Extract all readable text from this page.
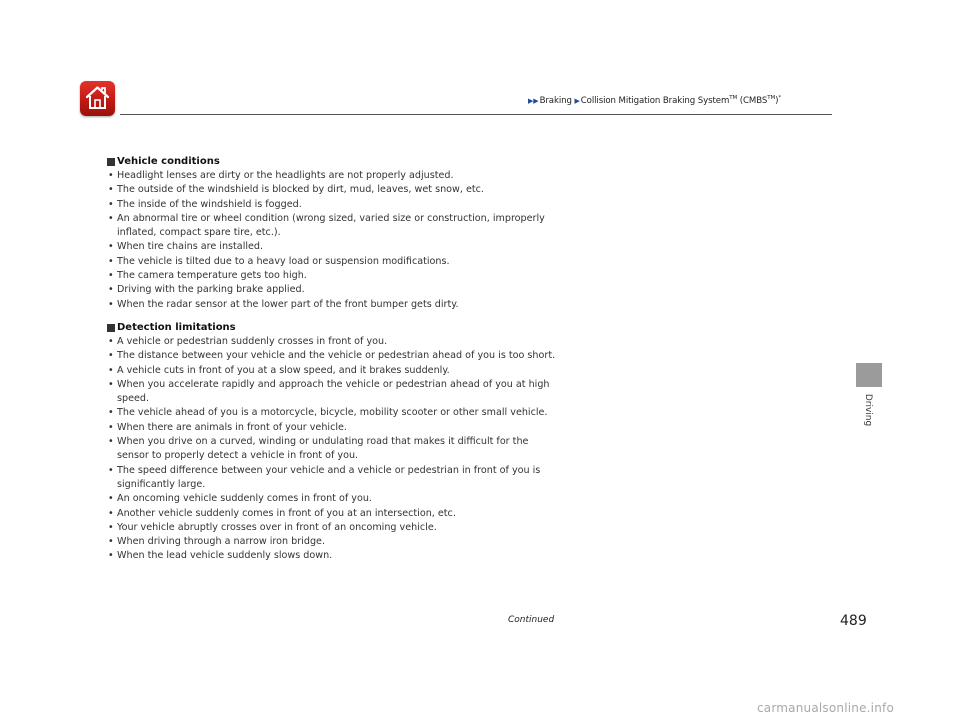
▶▶Braking ▶Collision Mitigation Braking System™ (CMBS™)*
Driving
Vehicle conditions
• Headlight lenses are dirty or the headlights are not properly adjusted.
• The outside of the windshield is blocked by dirt, mud, leaves, wet snow, etc.
• The inside of the windshield is fogged.
• An abnormal tire or wheel condition (wrong sized, varied size or construction, improperly inflated, compact spare tire, etc.).
• When tire chains are installed.
• The vehicle is tilted due to a heavy load or suspension modifications.
• The camera temperature gets too high.
• Driving with the parking brake applied.
• When the radar sensor at the lower part of the front bumper gets dirty.
Detection limitations
• A vehicle or pedestrian suddenly crosses in front of you.
• The distance between your vehicle and the vehicle or pedestrian ahead of you is too short.
• A vehicle cuts in front of you at a slow speed, and it brakes suddenly.
• When you accelerate rapidly and approach the vehicle or pedestrian ahead of you at high speed.
• The vehicle ahead of you is a motorcycle, bicycle, mobility scooter or other small vehicle.
• When there are animals in front of your vehicle.
• When you drive on a curved, winding or undulating road that makes it difficult for the sensor to properly detect a vehicle in front of you.
• The speed difference between your vehicle and a vehicle or pedestrian in front of you is significantly large.
• An oncoming vehicle suddenly comes in front of you.
• Another vehicle suddenly comes in front of you at an intersection, etc.
• Your vehicle abruptly crosses over in front of an oncoming vehicle.
• When driving through a narrow iron bridge.
• When the lead vehicle suddenly slows down.
Continued	489
carmanualsonline.info
